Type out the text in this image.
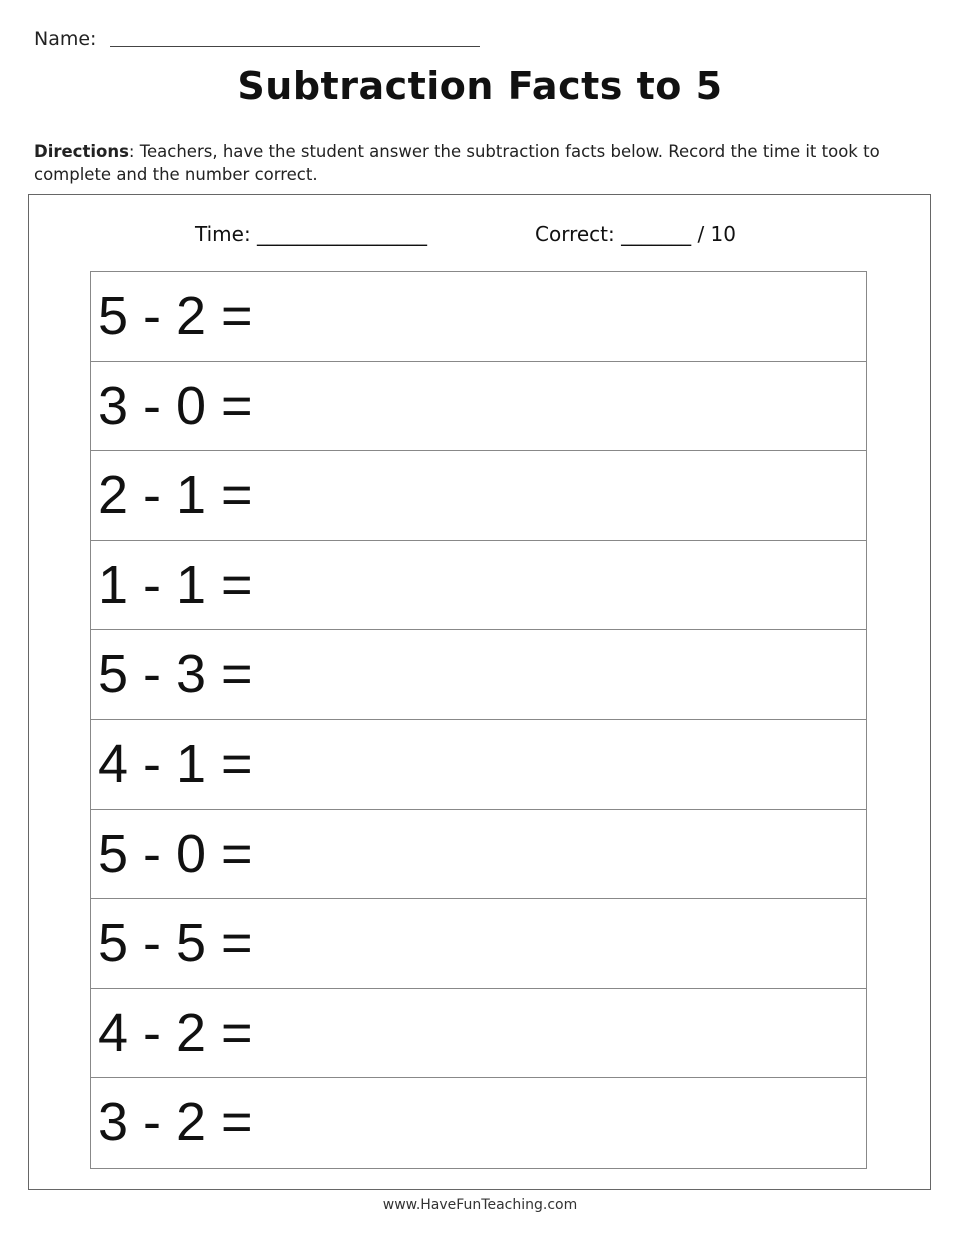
Name:
Subtraction Facts to 5
Directions: Teachers, have the student answer the subtraction facts below. Record the time it took to complete and the number correct.
Time: _________________	Correct: _______ / 10
5 - 2 =
3 - 0 =
2 - 1 =
1 - 1 =
5 - 3 =
4 - 1 =
5 - 0 =
5 - 5 =
4 - 2 =
3 - 2 =
www.HaveFunTeaching.com
